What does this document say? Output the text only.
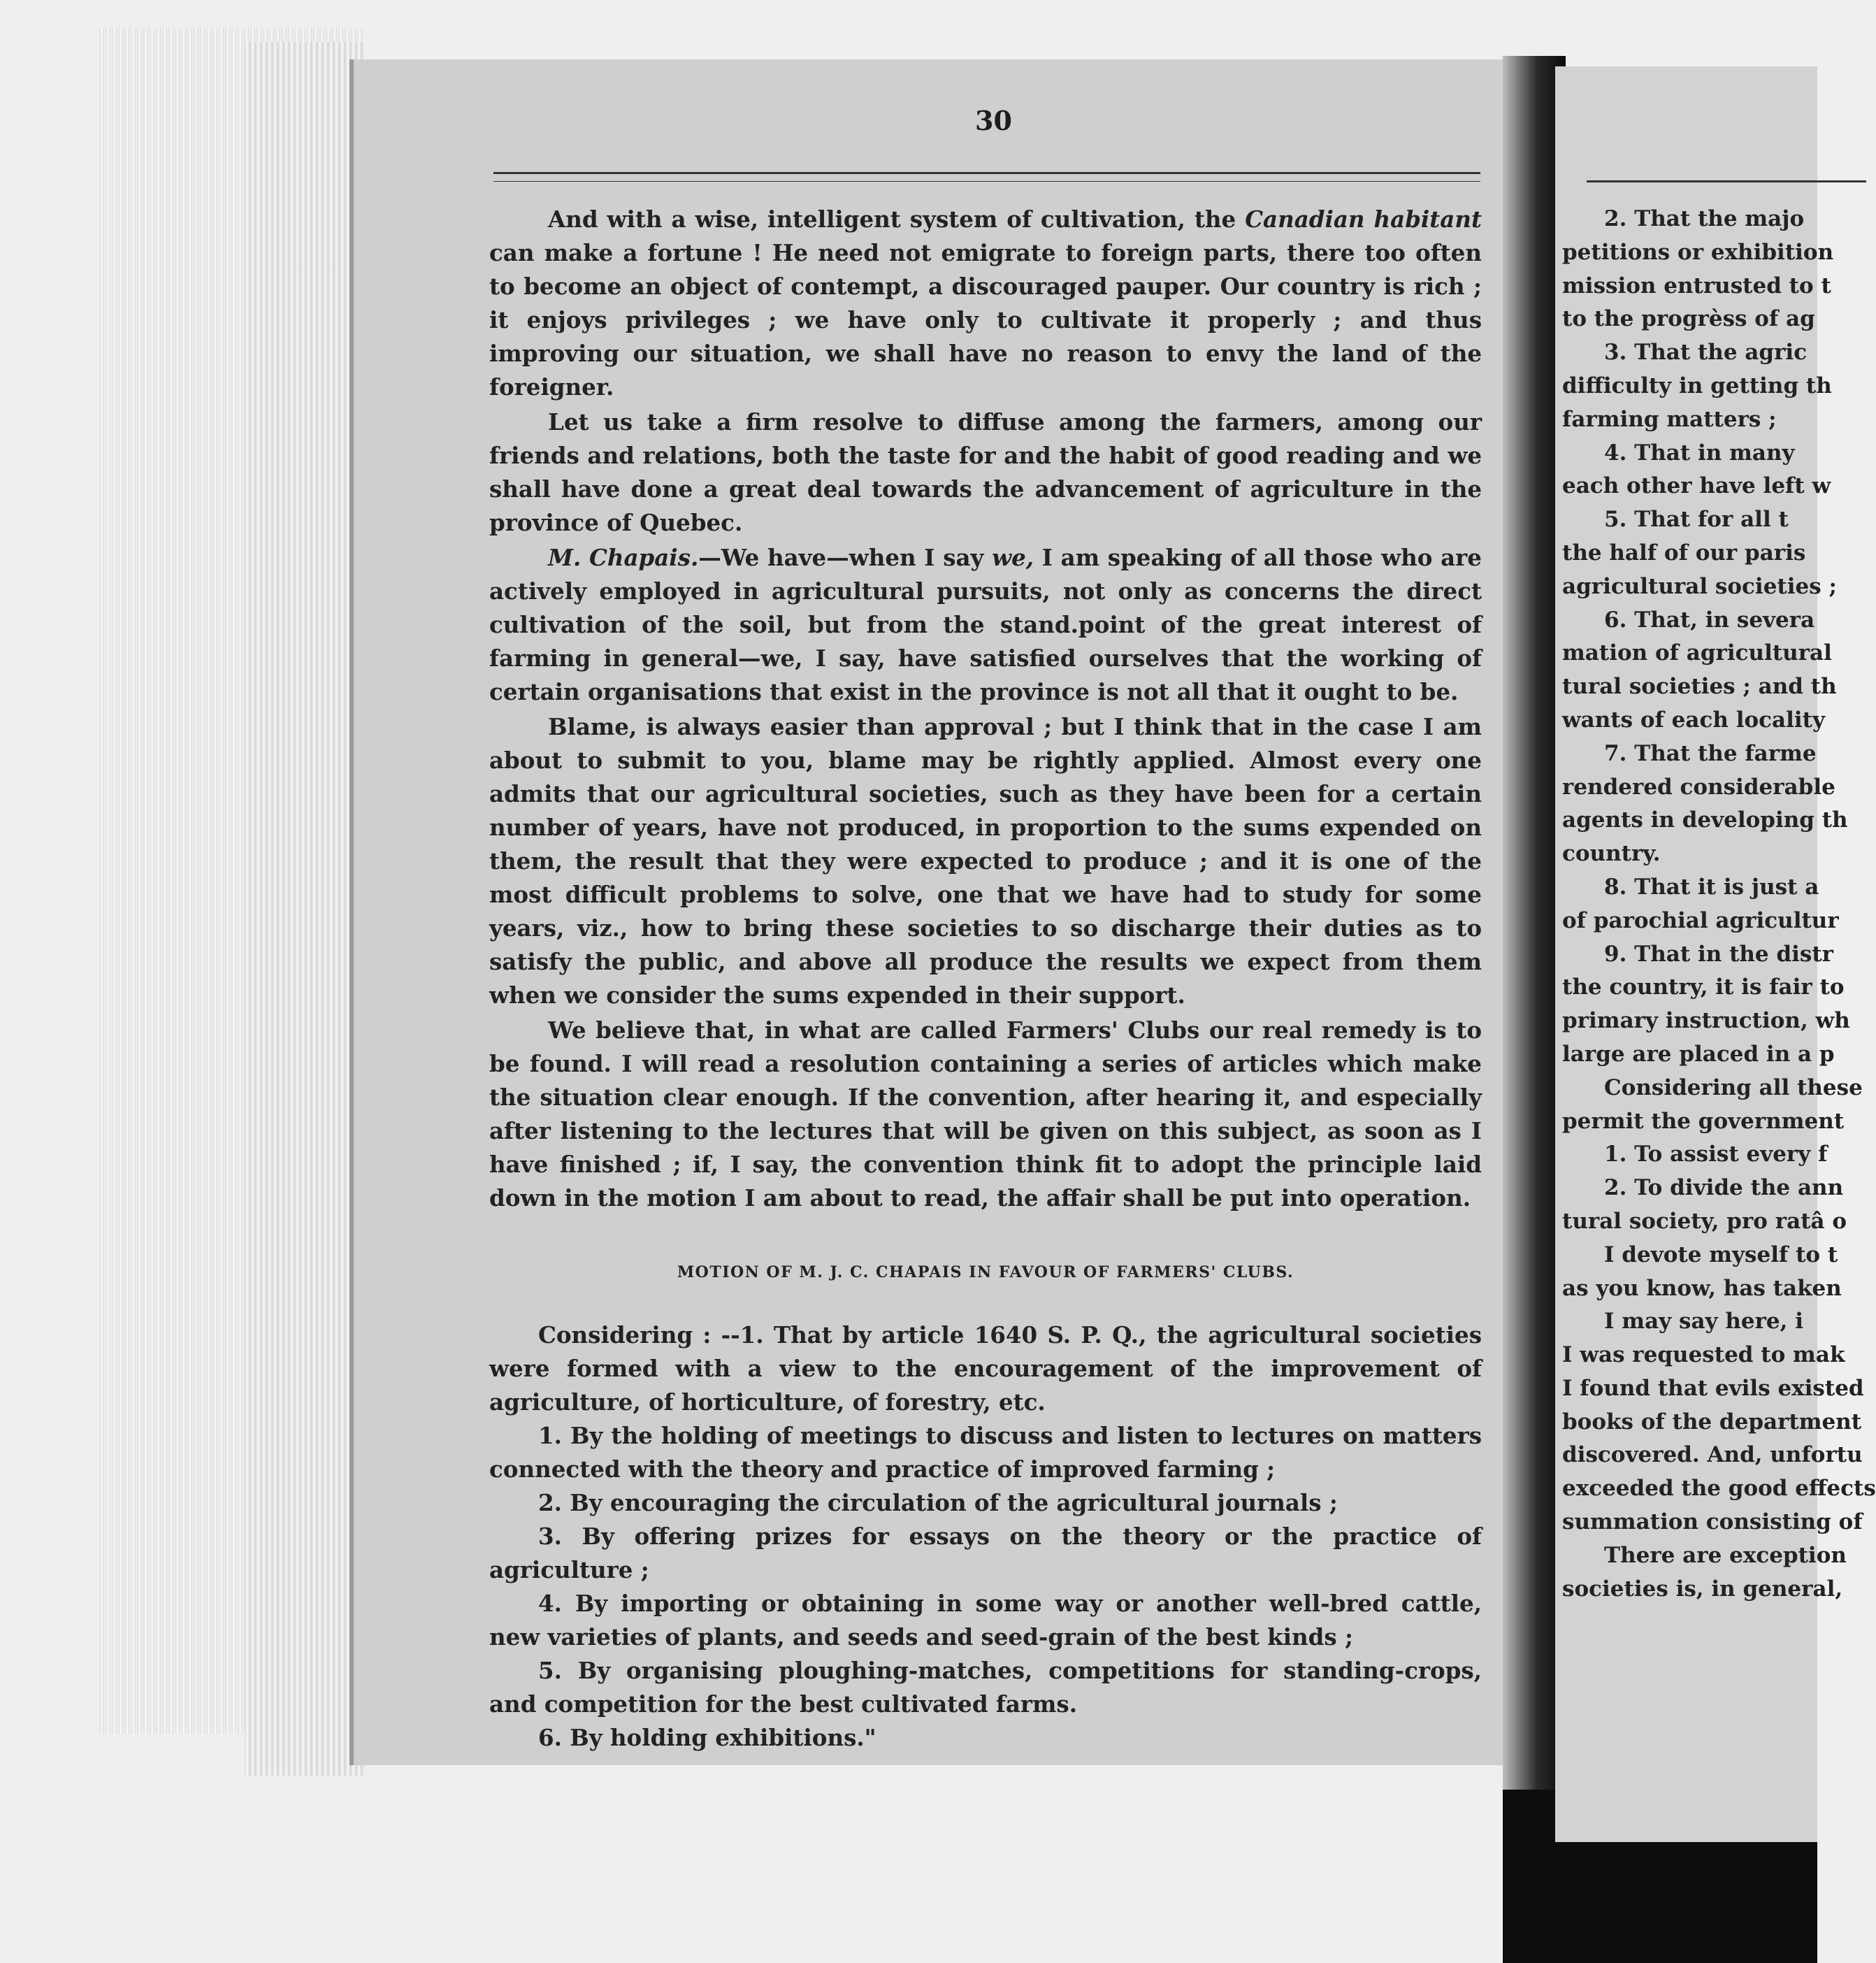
30

And with a wise, intelligent system of cultivation, the Canadian habitant can make a fortune ! He need not emigrate to foreign parts, there too often to become an object of contempt, a discouraged pauper. Our country is rich ; it enjoys privileges ; we have only to cultivate it properly ; and thus improving our situation, we shall have no reason to envy the land of the foreigner.

Let us take a firm resolve to diffuse among the farmers, among our friends and relations, both the taste for and the habit of good reading and we shall have done a great deal towards the advancement of agriculture in the province of Quebec.

M. Chapais.—We have—when I say we, I am speaking of all those who are actively employed in agricultural pursuits, not only as concerns the direct cultivation of the soil, but from the stand.point of the great interest of farming in general—we, I say, have satisfied ourselves that the working of certain organisations that exist in the province is not all that it ought to be.

Blame, is always easier than approval ; but I think that in the case I am about to submit to you, blame may be rightly applied. Almost every one admits that our agricultural societies, such as they have been for a certain number of years, have not produced, in proportion to the sums expended on them, the result that they were expected to produce ; and it is one of the most difficult problems to solve, one that we have had to study for some years, viz., how to bring these societies to so discharge their duties as to satisfy the public, and above all produce the results we expect from them when we consider the sums expended in their support.

We believe that, in what are called Farmers' Clubs our real remedy is to be found. I will read a resolution containing a series of articles which make the situation clear enough. If the convention, after hearing it, and especially after listening to the lectures that will be given on this subject, as soon as I have finished ; if, I say, the convention think fit to adopt the principle laid down in the motion I am about to read, the affair shall be put into operation.

MOTION OF M. J. C. CHAPAIS IN FAVOUR OF FARMERS' CLUBS.

Considering : --1. That by article 1640 S. P. Q., the agricultural societies were formed with a view to the encouragement of the improvement of agriculture, of horticulture, of forestry, etc.

1. By the holding of meetings to discuss and listen to lectures on matters connected with the theory and practice of improved farming ;

2. By encouraging the circulation of the agricultural journals ;

3. By offering prizes for essays on the theory or the practice of agriculture ;

4. By importing or obtaining in some way or another well-bred cattle, new varieties of plants, and seeds and seed-grain of the best kinds ;

5. By organising ploughing-matches, competitions for standing-crops, and competition for the best cultivated farms.

6. By holding exhibitions."

2. That the majo
petitions or exhibition
mission entrusted to t
to the progrèss of ag
3. That the agric
difficulty in getting th
farming matters ;
4. That in many
each other have left w
5. That for all t
the half of our paris
agricultural societies ;
6. That, in severa
mation of agricultural
tural societies ; and th
wants of each locality
7. That the farme
rendered considerable
agents in developing th
country.
8. That it is just a
of parochial agricultur
9. That in the distr
the country, it is fair to
primary instruction, wh
large are placed in a p
Considering all these
permit the government
1. To assist every f
2. To divide the ann
tural society, pro ratâ o
I devote myself to t
as you know, has taken
I may say here, i
I was requested to mak
I found that evils existed
books of the department
discovered. And, unfortu
exceeded the good effects
summation consisting of
There are exception
societies is, in general,
